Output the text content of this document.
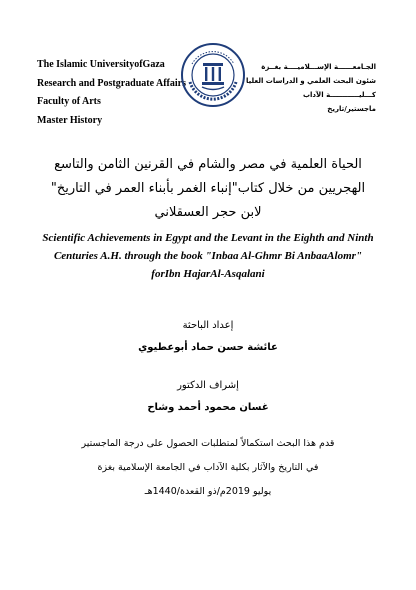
The Islamic UniversityofGaza
Research and Postgraduate Affairs
Faculty of Arts
Master History
الجـامعــــــة الإســـلاميــــة بغــزة
شئون البحث العلمي و الدراسات العليا
كـــليــــــــــــة الآداب
ماجستير/تاريخ
الحياة العلمية في مصر والشام في القرنين الثامن والتاسع
الهجريين من خلال كتاب"إنباء الغمر بأبناء العمر في التاريخ"
لابن حجر العسقلاني
Scientific Achievements in Egypt and the Levant in the Eighth and Ninth
Centuries A.H. through the book "Inbaa Al-Ghmr Bi AnbaaAlomr"
forIbn HajarAl-Asqalani
إعداد الباحثة
عائشة حسن حماد أبوعطيوي
إشراف الدكتور
غسان محمود أحمد وشاح
قدم هذا البحث استكمالاً لمتطلبات الحصول على درجة الماجستير
في التاريخ والآثار بكلية الآداب في الجامعة الإسلامية بغزة
يوليو 2019م/ذو القعدة/1440هـ
